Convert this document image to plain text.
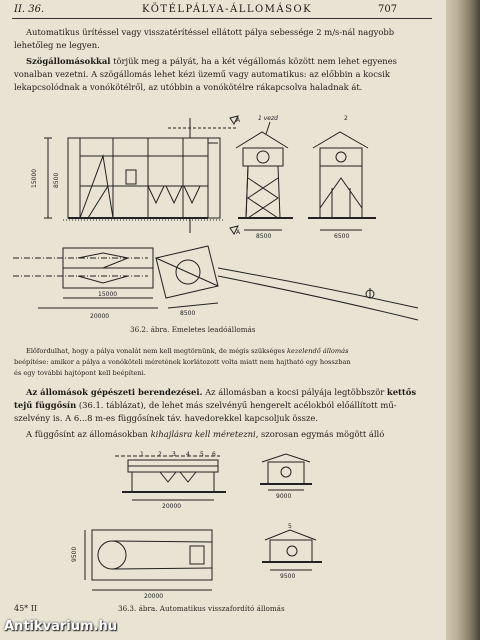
II. 36.	KÖTÉLPÁLYA-ÁLLOMÁSOK	707
Automatikus ürítéssel vagy visszatérítéssel ellátott pálya sebessége 2 m/s-nál nagyobb
lehetőleg ne legyen.
Szögállomásokkal törjük meg a pályát, ha a két végállomás között nem lehet egyenes
vonalban vezetni. A szögállomás lehet kézi üzemű vagy automatikus: az előbbin a kocsik
lekapcsolódnak a vonókötélről, az utóbbin a vonókötélre rákapcsolva haladnak át.
15000	8500
A
A
8500
1 vezd
6500
2
15000
20000	8500
36.2. ábra. Emeletes leadóállomás
Előfordulhat, hogy a pálya vonalát nem kell megtörnünk, de mégis szükséges kezelendő állomás
beépítése: amikor a pálya a vonóköteli méretének korlátozott volta miatt nem hajtható egy hosszban
és egy további hajtópont kell beépíteni.
Az állomások gépészeti berendezései. Az állomásban a kocsi pályája legtöbbször kettős
tejű függősín (36.1. táblázat), de lehet más szelvényű hengerelt acélokból előállított mű-
szelvény is. A 6...8 m-es függősínek táv. havedorekkel kapcsoljuk össze.
A függősínt az állomásokban kihajlásra kell méretezni, szorosan egymás mögött álló
20000
1 2 3 4 5 6
9000
20000
9500
9500
5
36.3. ábra. Automatikus visszafordító állomás
45* II
Antikvarium.hu
